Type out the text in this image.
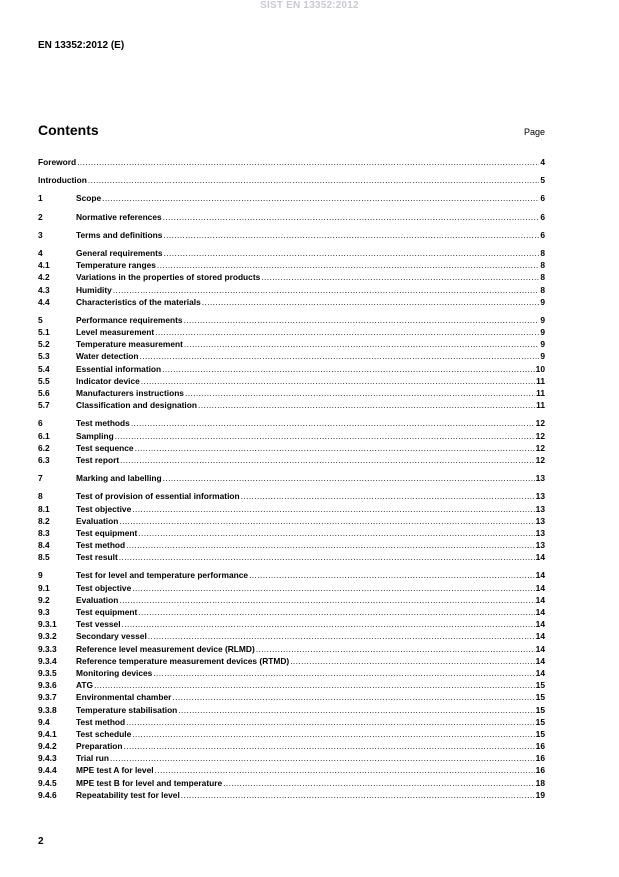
SIST EN 13352:2012
EN 13352:2012 (E)
Contents	Page
Foreword .....	4
Introduction .....	5
1	Scope .....	6
2	Normative references .....	6
3	Terms and definitions .....	6
4	General requirements .....	8
4.1	Temperature ranges .....	8
4.2	Variations in the properties of stored products .....	8
4.3	Humidity .....	8
4.4	Characteristics of the materials .....	9
5	Performance requirements .....	9
5.1	Level measurement .....	9
5.2	Temperature measurement .....	9
5.3	Water detection .....	9
5.4	Essential information .....	10
5.5	Indicator device .....	11
5.6	Manufacturers instructions .....	11
5.7	Classification and designation .....	11
6	Test methods .....	12
6.1	Sampling .....	12
6.2	Test sequence .....	12
6.3	Test report .....	12
7	Marking and labelling .....	13
8	Test of provision of essential information .....	13
8.1	Test objective .....	13
8.2	Evaluation .....	13
8.3	Test equipment .....	13
8.4	Test method .....	13
8.5	Test result .....	14
9	Test for level and temperature performance .....	14
9.1	Test objective .....	14
9.2	Evaluation .....	14
9.3	Test equipment .....	14
9.3.1	Test vessel .....	14
9.3.2	Secondary vessel .....	14
9.3.3	Reference level measurement device (RLMD) .....	14
9.3.4	Reference temperature measurement devices (RTMD) .....	14
9.3.5	Monitoring devices .....	14
9.3.6	ATG .....	15
9.3.7	Environmental chamber .....	15
9.3.8	Temperature stabilisation .....	15
9.4	Test method .....	15
9.4.1	Test schedule .....	15
9.4.2	Preparation .....	16
9.4.3	Trial run .....	16
9.4.4	MPE test A for level .....	16
9.4.5	MPE test B for level and temperature .....	18
9.4.6	Repeatability test for level .....	19
2
